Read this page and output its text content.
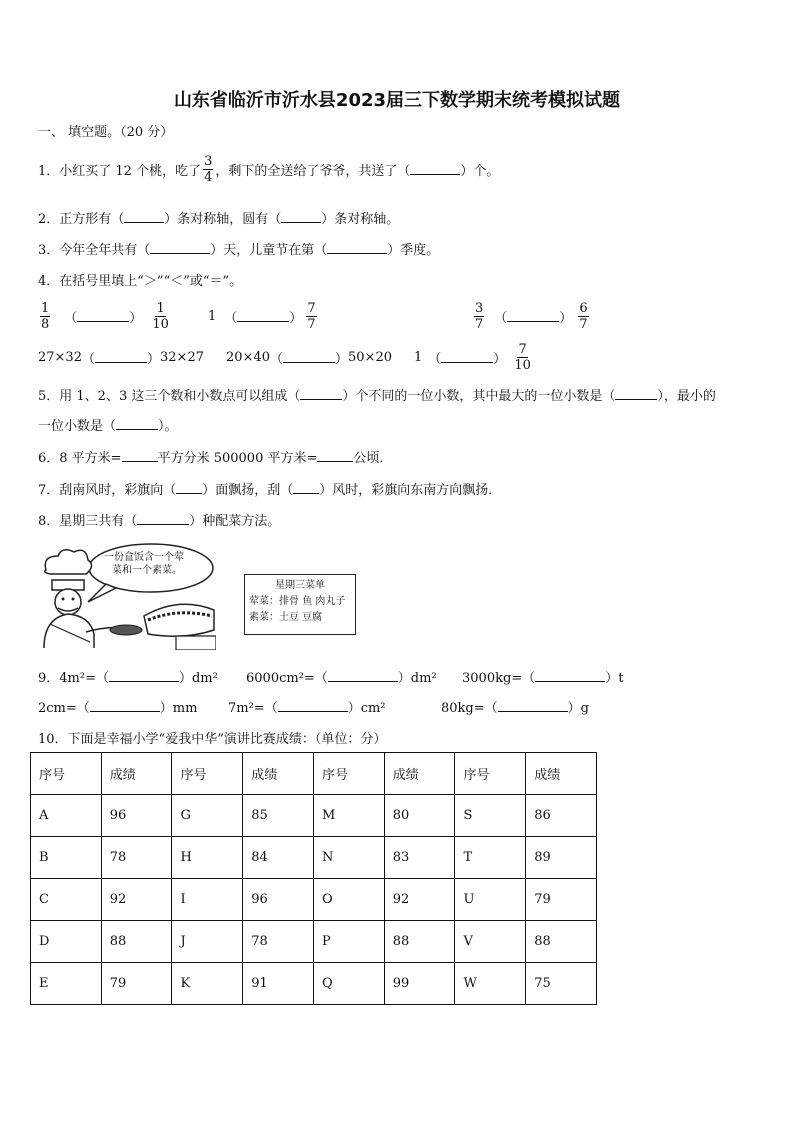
山东省临沂市沂水县2023届三下数学期末统考模拟试题
一、 填空题。（20 分）
1．小红买了 12 个桃，吃了 $\frac{3}{4}$ ，剩下的全送给了爷爷，共送了（	）个。
2．正方形有（	）条对称轴，圆有（	）条对称轴。
3．今年全年共有（	）天，儿童节在第（	）季度。
4．在括号里填上“＞”“＜”或“＝”。
$\frac{1}{8}$ （	） $\frac{1}{10}$	1 （	） $\frac{7}{7}$	$\frac{3}{7}$ （	） $\frac{6}{7}$
27×32 （	） 32×27 20×40 （	） 50×20 1 （	） $\frac{7}{10}$
5．用 1、2、3 这三个数和小数点可以组成（	）个不同的一位小数，其中最大的一位小数是（	），最小的
一位小数是（	）。
6．8 平方米=	平方分米 500000 平方米=	公顷．
7．刮南风时，彩旗向（ ）面飘扬，刮（ ）风时，彩旗向东南方向飘扬．
8．星期三共有（	）种配菜方法。
一份盒饭含一个荤
菜和一个素菜。
星期三菜单
荤菜：排骨 鱼 肉丸子
素菜：土豆 豆腐
9．4m²=（	）dm² 6000cm²=（	）dm² 3000kg=（	）t
2cm=（	）mm 7m²=（	）cm²	80kg=（	）g
10．下面是幸福小学“爱我中华”演讲比赛成绩：（单位：分）
序号	成绩	序号	成绩	序号	成绩	序号	成绩
A	96	G	85	M	80	S	86
B	78	H	84	N	83	T	89
C	92	I	96	O	92	U	79
D	88	J	78	P	88	V	88
E	79	K	91	Q	99	W	75
